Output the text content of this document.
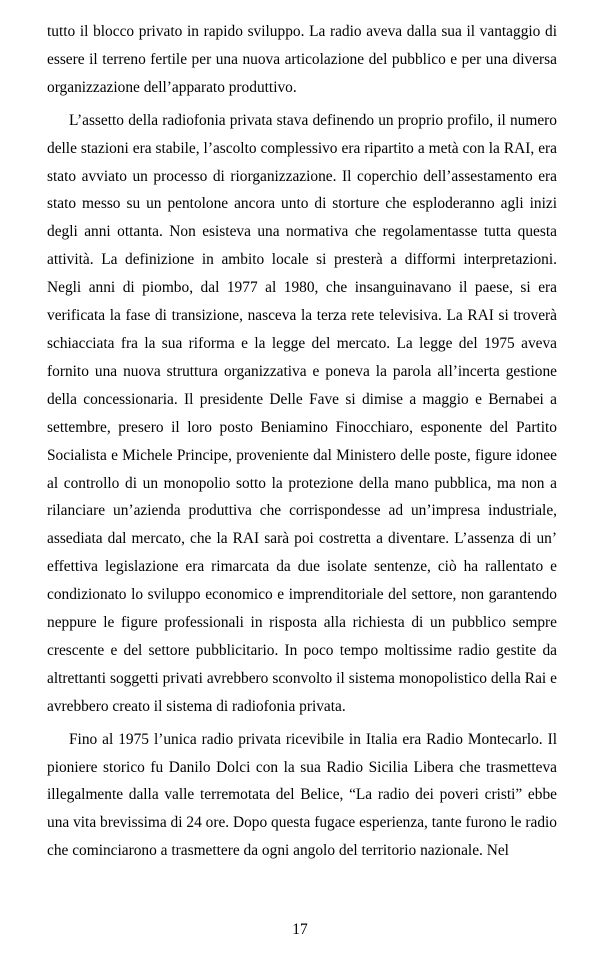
tutto il blocco privato in rapido sviluppo. La radio aveva dalla sua il vantaggio di essere il terreno fertile per una nuova articolazione del pubblico e per una diversa organizzazione dell’apparato produttivo.

L’assetto della radiofonia privata stava definendo un proprio profilo, il numero delle stazioni era stabile, l’ascolto complessivo era ripartito a metà con la RAI, era stato avviato un processo di riorganizzazione. Il coperchio dell’assestamento era stato messo su un pentolone ancora unto di storture che esploderanno agli inizi degli anni ottanta. Non esisteva una normativa che regolamentasse tutta questa attività. La definizione in ambito locale si presterà a difformi interpretazioni. Negli anni di piombo, dal 1977 al 1980, che insanguinavano il paese, si era verificata la fase di transizione, nasceva la terza rete televisiva. La RAI si troverà schiacciata fra la sua riforma e la legge del mercato. La legge del 1975 aveva fornito una nuova struttura organizzativa e poneva la parola all’incerta gestione della concessionaria. Il presidente Delle Fave si dimise a maggio e Bernabei a settembre, presero il loro posto Beniamino Finocchiaro, esponente del Partito Socialista e Michele Principe, proveniente dal Ministero delle poste, figure idonee al controllo di un monopolio sotto la protezione della mano pubblica, ma non a rilanciare un’azienda produttiva che corrispondesse ad un’impresa industriale, assediata dal mercato, che la RAI sarà poi costretta a diventare. L’assenza di un’ effettiva legislazione era rimarcata da due isolate sentenze, ciò ha rallentato e condizionato lo sviluppo economico e imprenditoriale del settore, non garantendo neppure le figure professionali in risposta alla richiesta di un pubblico sempre crescente e del settore pubblicitario. In poco tempo moltissime radio gestite da altrettanti soggetti privati avrebbero sconvolto il sistema monopolistico della Rai e avrebbero creato il sistema di radiofonia privata.

Fino al 1975 l’unica radio privata ricevibile in Italia era Radio Montecarlo. Il pioniere storico fu Danilo Dolci con la sua Radio Sicilia Libera che trasmetteva illegalmente dalla valle terremotata del Belice, “La radio dei poveri cristi” ebbe una vita brevissima di 24 ore. Dopo questa fugace esperienza, tante furono le radio che cominciarono a trasmettere da ogni angolo del territorio nazionale. Nel

17
